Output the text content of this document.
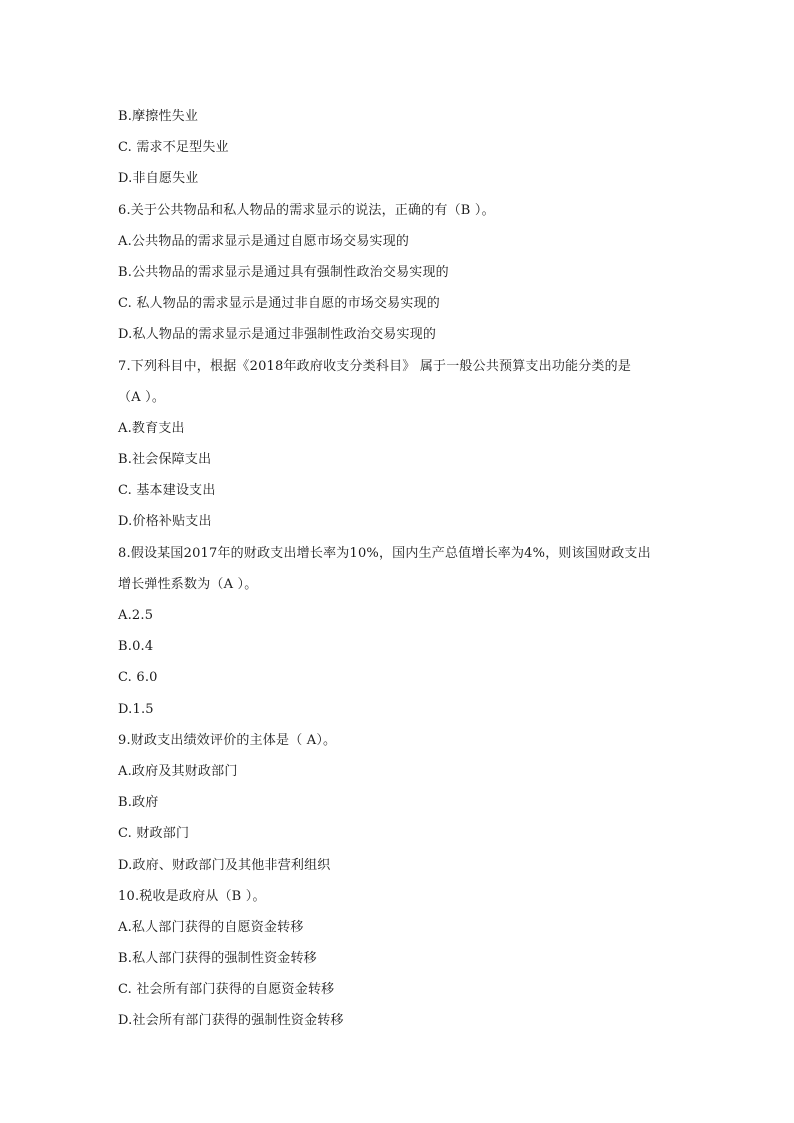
B.摩擦性失业
C. 需求不足型失业
D.非自愿失业
6.关于公共物品和私人物品的需求显示的说法，正确的有（B ）。
A.公共物品的需求显示是通过自愿市场交易实现的
B.公共物品的需求显示是通过具有强制性政治交易实现的
C. 私人物品的需求显示是通过非自愿的市场交易实现的
D.私人物品的需求显示是通过非强制性政治交易实现的
7.下列科目中，根据《2018年政府收支分类科目》 属于一般公共预算支出功能分类的是
（A ）。
A.教育支出
B.社会保障支出
C. 基本建设支出
D.价格补贴支出
8.假设某国2017年的财政支出增长率为10%，国内生产总值增长率为4%，则该国财政支出
增长弹性系数为（A ）。
A.2.5
B.0.4
C. 6.0
D.1.5
9.财政支出绩效评价的主体是（ A）。
A.政府及其财政部门
B.政府
C. 财政部门
D.政府、财政部门及其他非营利组织
10.税收是政府从（B ）。
A.私人部门获得的自愿资金转移
B.私人部门获得的强制性资金转移
C. 社会所有部门获得的自愿资金转移
D.社会所有部门获得的强制性资金转移
